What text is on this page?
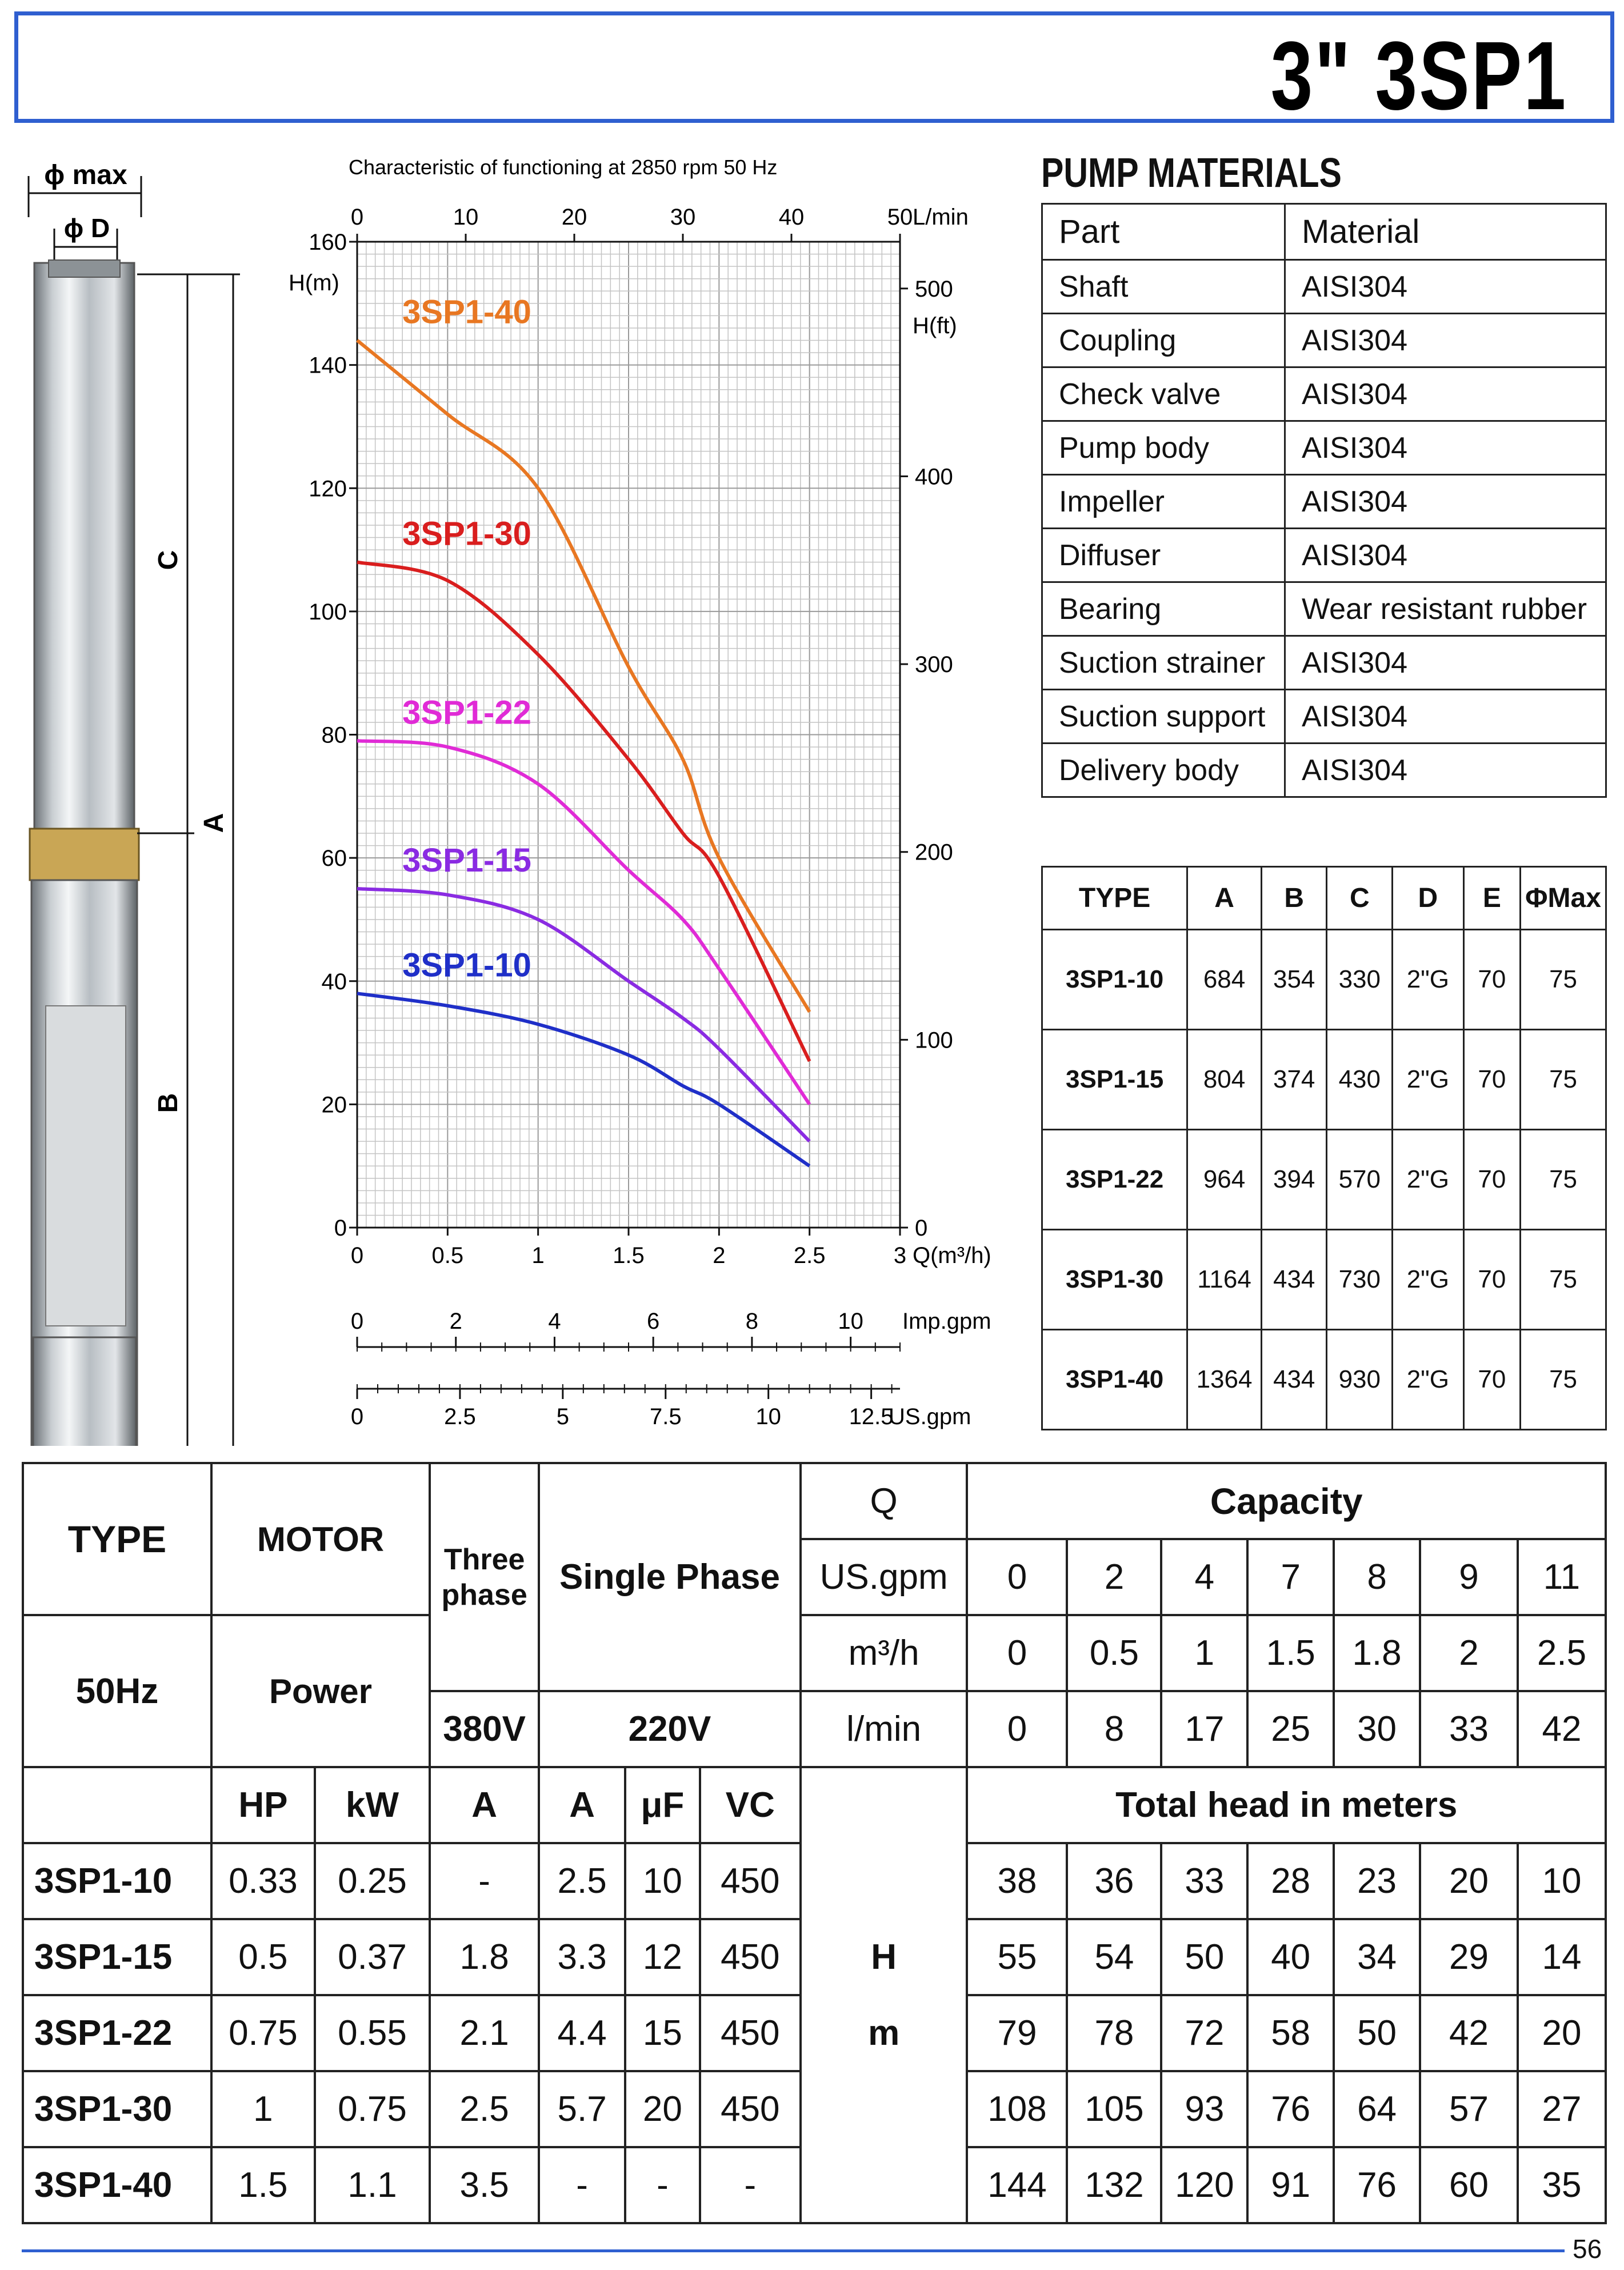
3" 3SP1
ϕ max
ϕ D
C
A
B
Characteristic of functioning at 2850 rpm 50 Hz
0
20
40
60
80
100
120
140
160
H(m)
0	0.5	1	1.5	2	2.5	3 Q(m³/h)
0	10	20	30	40	50 L/min
0
100
200
300
400
500
H(ft)
0	2	4	6	8	10 Imp.gpm
0	2.5	5	7.5	10	12.5
US.gpm
3SP1-40
3SP1-30
3SP1-22
3SP1-15
3SP1-10
PUMP MATERIALS
Part	Material
Shaft	AISI304
Coupling	AISI304
Check valve	AISI304
Pump body	AISI304
Impeller	AISI304
Diffuser	AISI304
Bearing	Wear resistant rubber
Suction strainer	AISI304
Suction support	AISI304
Delivery body	AISI304
TYPE	A	B	C	D	E	ΦMax
3SP1-10	684	354	330	2"G	70	75
3SP1-15	804	374	430	2"G	70	75
3SP1-22	964	394	570	2"G	70	75
3SP1-30	1164	434	730	2"G	70	75
3SP1-40	1364	434	930	2"G	70	75
TYPE	MOTOR		Three phase	Single Phase			Q	Capacity						
							US.gpm	0	2	4	7	8	9	11
50Hz	Power						m³/h	0	0.5	1	1.5	1.8	2	2.5
			380V	220V			l/min	0	8	17	25	30	33	42
	HP	kW	A	A	μF	VC		Total head in meters						
3SP1-10	0.33	0.25	-	2.5	10	450		38	36	33	28	23	20	10
3SP1-15	0.5	0.37	1.8	3.3	12	450	H	55	54	50	40	34	29	14
3SP1-22	0.75	0.55	2.1	4.4	15	450	m	79	78	72	58	50	42	20
3SP1-30	1	0.75	2.5	5.7	20	450		108	105	93	76	64	57	27
3SP1-40	1.5	1.1	3.5	-	-	-		144	132	120	91	76	60	35
56
